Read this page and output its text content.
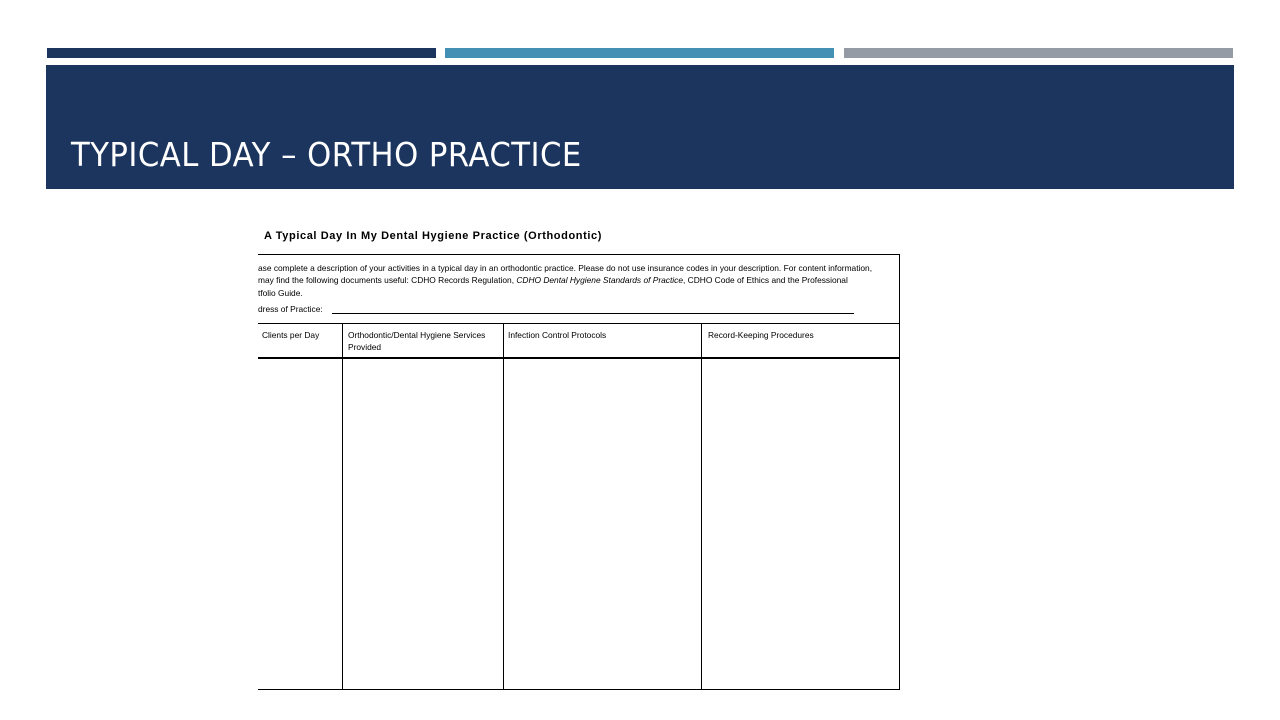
TYPICAL DAY – ORTHO PRACTICE
A Typical Day In My Dental Hygiene Practice (Orthodontic)

ase complete a description of your activities in a typical day in an orthodontic practice. Please do not use insurance codes in your description. For content information,

may find the following documents useful: CDHO Records Regulation, CDHO Dental Hygiene Standards of Practice, CDHO Code of Ethics and the Professional

tfolio Guide.

dress of Practice:
Clients per Day	Orthodontic/Dental Hygiene Services Provided
Infection Control Protocols	Record-Keeping Procedures
